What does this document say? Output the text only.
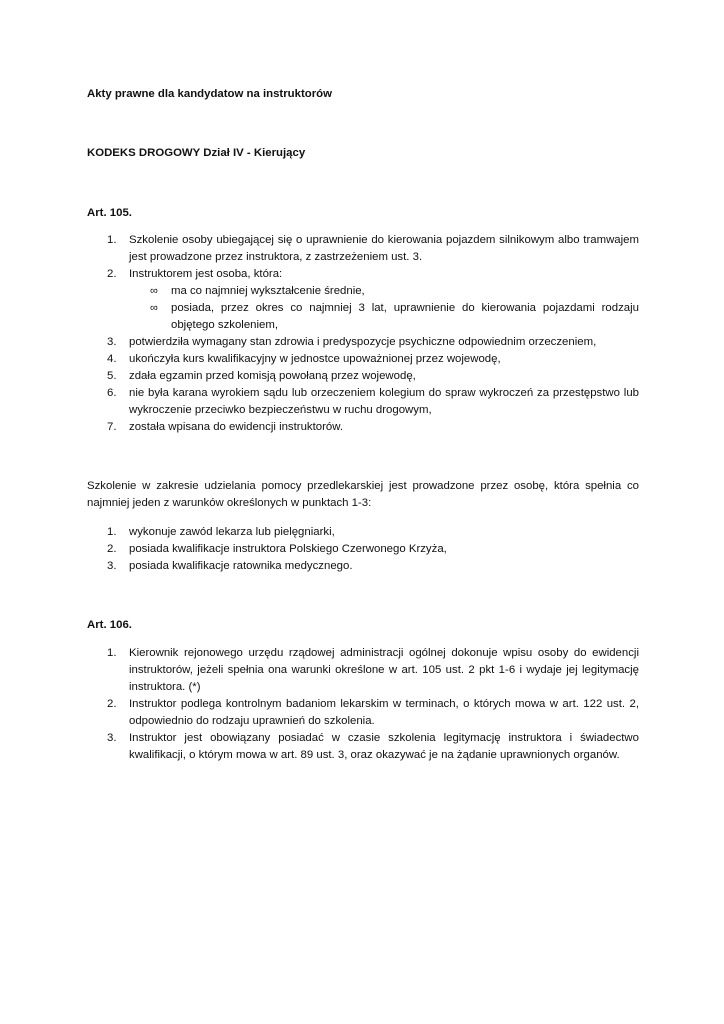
Akty prawne dla kandydatow na instruktorów

KODEKS DROGOWY Dział IV - Kierujący

Art. 105.

1. Szkolenie osoby ubiegającej się o uprawnienie do kierowania pojazdem silnikowym albo tramwajem jest prowadzone przez instruktora, z zastrzeżeniem ust. 3.
2. Instruktorem jest osoba, która:
∞ ma co najmniej wykształcenie średnie,
∞ posiada, przez okres co najmniej 3 lat, uprawnienie do kierowania pojazdami rodzaju objętego szkoleniem,
3. potwierdziła wymagany stan zdrowia i predyspozycje psychiczne odpowiednim orzeczeniem,
4. ukończyła kurs kwalifikacyjny w jednostce upoważnionej przez wojewodę,
5. zdała egzamin przed komisją powołaną przez wojewodę,
6. nie była karana wyrokiem sądu lub orzeczeniem kolegium do spraw wykroczeń za przestępstwo lub wykroczenie przeciwko bezpieczeństwu w ruchu drogowym,
7. została wpisana do ewidencji instruktorów.

Szkolenie w zakresie udzielania pomocy przedlekarskiej jest prowadzone przez osobę, która spełnia co najmniej jeden z warunków określonych w punktach 1-3:

1. wykonuje zawód lekarza lub pielęgniarki,
2. posiada kwalifikacje instruktora Polskiego Czerwonego Krzyża,
3. posiada kwalifikacje ratownika medycznego.

Art. 106.

1. Kierownik rejonowego urzędu rządowej administracji ogólnej dokonuje wpisu osoby do ewidencji instruktorów, jeżeli spełnia ona warunki określone w art. 105 ust. 2 pkt 1-6 i wydaje jej legitymację instruktora. (*)
2. Instruktor podlega kontrolnym badaniom lekarskim w terminach, o których mowa w art. 122 ust. 2, odpowiednio do rodzaju uprawnień do szkolenia.
3. Instruktor jest obowiązany posiadać w czasie szkolenia legitymację instruktora i świadectwo kwalifikacji, o którym mowa w art. 89 ust. 3, oraz okazywać je na żądanie uprawnionych organów.
